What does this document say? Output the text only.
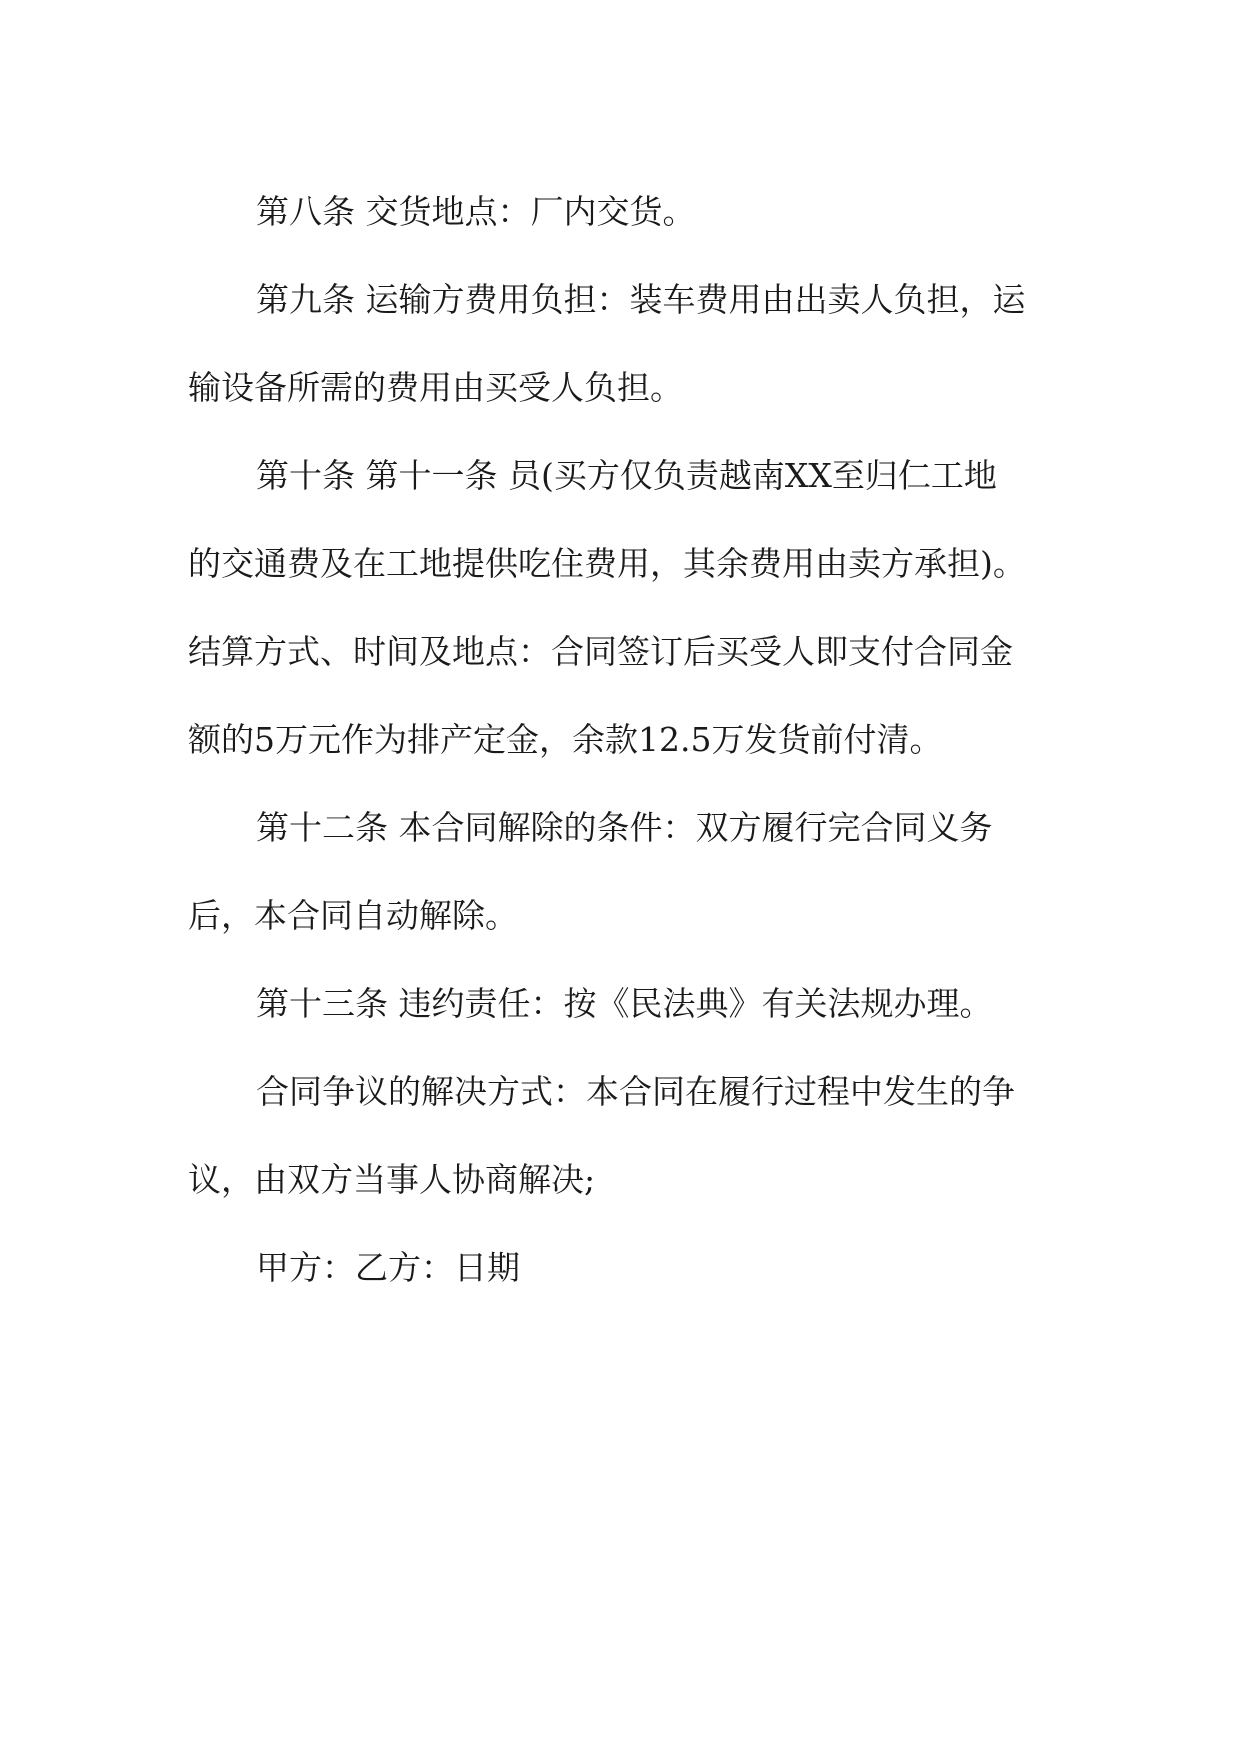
第八条 交货地点：厂内交货。
第九条 运输方费用负担：装车费用由出卖人负担，运
输设备所需的费用由买受人负担。
第十条 第十一条 员(买方仅负责越南XX至归仁工地
的交通费及在工地提供吃住费用，其余费用由卖方承担)。
结算方式、时间及地点：合同签订后买受人即支付合同金
额的5万元作为排产定金，余款12.5万发货前付清。
第十二条 本合同解除的条件：双方履行完合同义务
后，本合同自动解除。
第十三条 违约责任：按《民法典》有关法规办理。
合同争议的解决方式：本合同在履行过程中发生的争
议，由双方当事人协商解决;
甲方：乙方：日期
